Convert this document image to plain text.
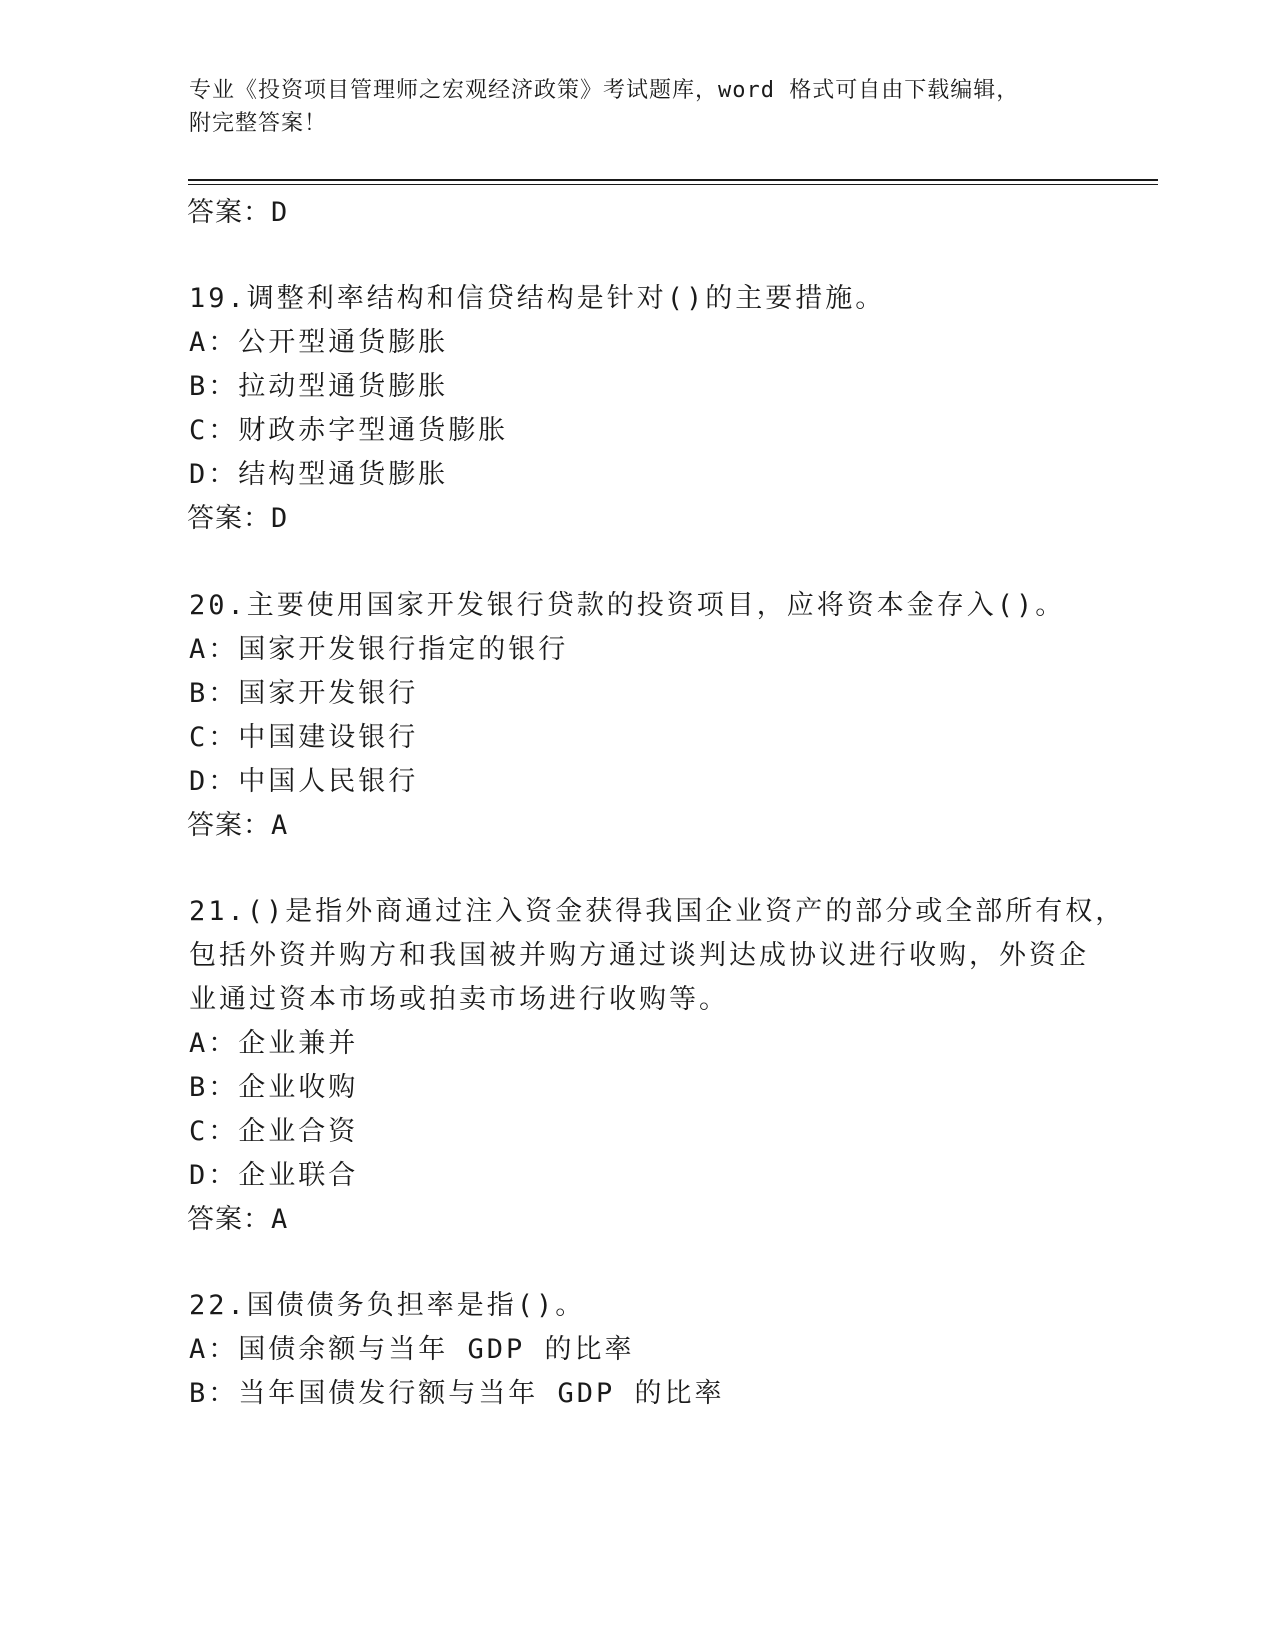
专业《投资项目管理师之宏观经济政策》考试题库，word 格式可自由下载编辑，
附完整答案！
答案：D
19.调整利率结构和信贷结构是针对()的主要措施。
A：公开型通货膨胀
B：拉动型通货膨胀
C：财政赤字型通货膨胀
D：结构型通货膨胀
答案：D
20.主要使用国家开发银行贷款的投资项目，应将资本金存入()。
A：国家开发银行指定的银行
B：国家开发银行
C：中国建设银行
D：中国人民银行
答案：A
21.()是指外商通过注入资金获得我国企业资产的部分或全部所有权，
包括外资并购方和我国被并购方通过谈判达成协议进行收购，外资企
业通过资本市场或拍卖市场进行收购等。
A：企业兼并
B：企业收购
C：企业合资
D：企业联合
答案：A
22.国债债务负担率是指()。
A：国债余额与当年 GDP 的比率
B：当年国债发行额与当年 GDP 的比率
